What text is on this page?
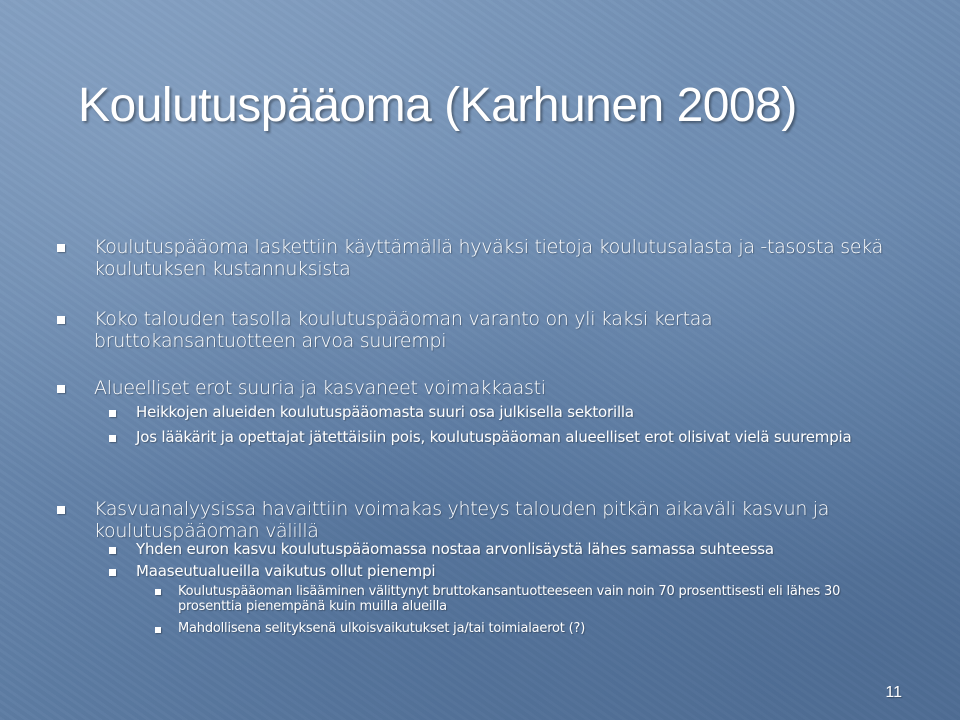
Koulutuspääoma (Karhunen 2008)
Koulutuspääoma laskettiin käyttämällä hyväksi tietoja koulutusalasta ja -tasosta sekä koulutuksen kustannuksista
Koko talouden tasolla koulutuspääoman varanto on yli kaksi kertaa bruttokansantuotteen arvoa suurempi
Alueelliset erot suuria ja kasvaneet voimakkaasti
Heikkojen alueiden koulutuspääomasta suuri osa julkisella sektorilla
Jos lääkärit ja opettajat jätettäisiin pois, koulutuspääoman alueelliset erot olisivat vielä suurempia
Kasvuanalyysissa havaittiin voimakas yhteys talouden pitkän aikaväli kasvun ja koulutuspääoman välillä
Yhden euron kasvu koulutuspääomassa nostaa arvonlisäystä lähes samassa suhteessa
Maaseutualueilla vaikutus ollut pienempi
Koulutuspääoman lisääminen välittynyt bruttokansantuotteeseen vain noin 70 prosenttisesti eli lähes 30 prosenttia pienempänä kuin muilla alueilla
Mahdollisena selityksenä ulkoisvaikutukset ja/tai toimialaerot (?)
11
